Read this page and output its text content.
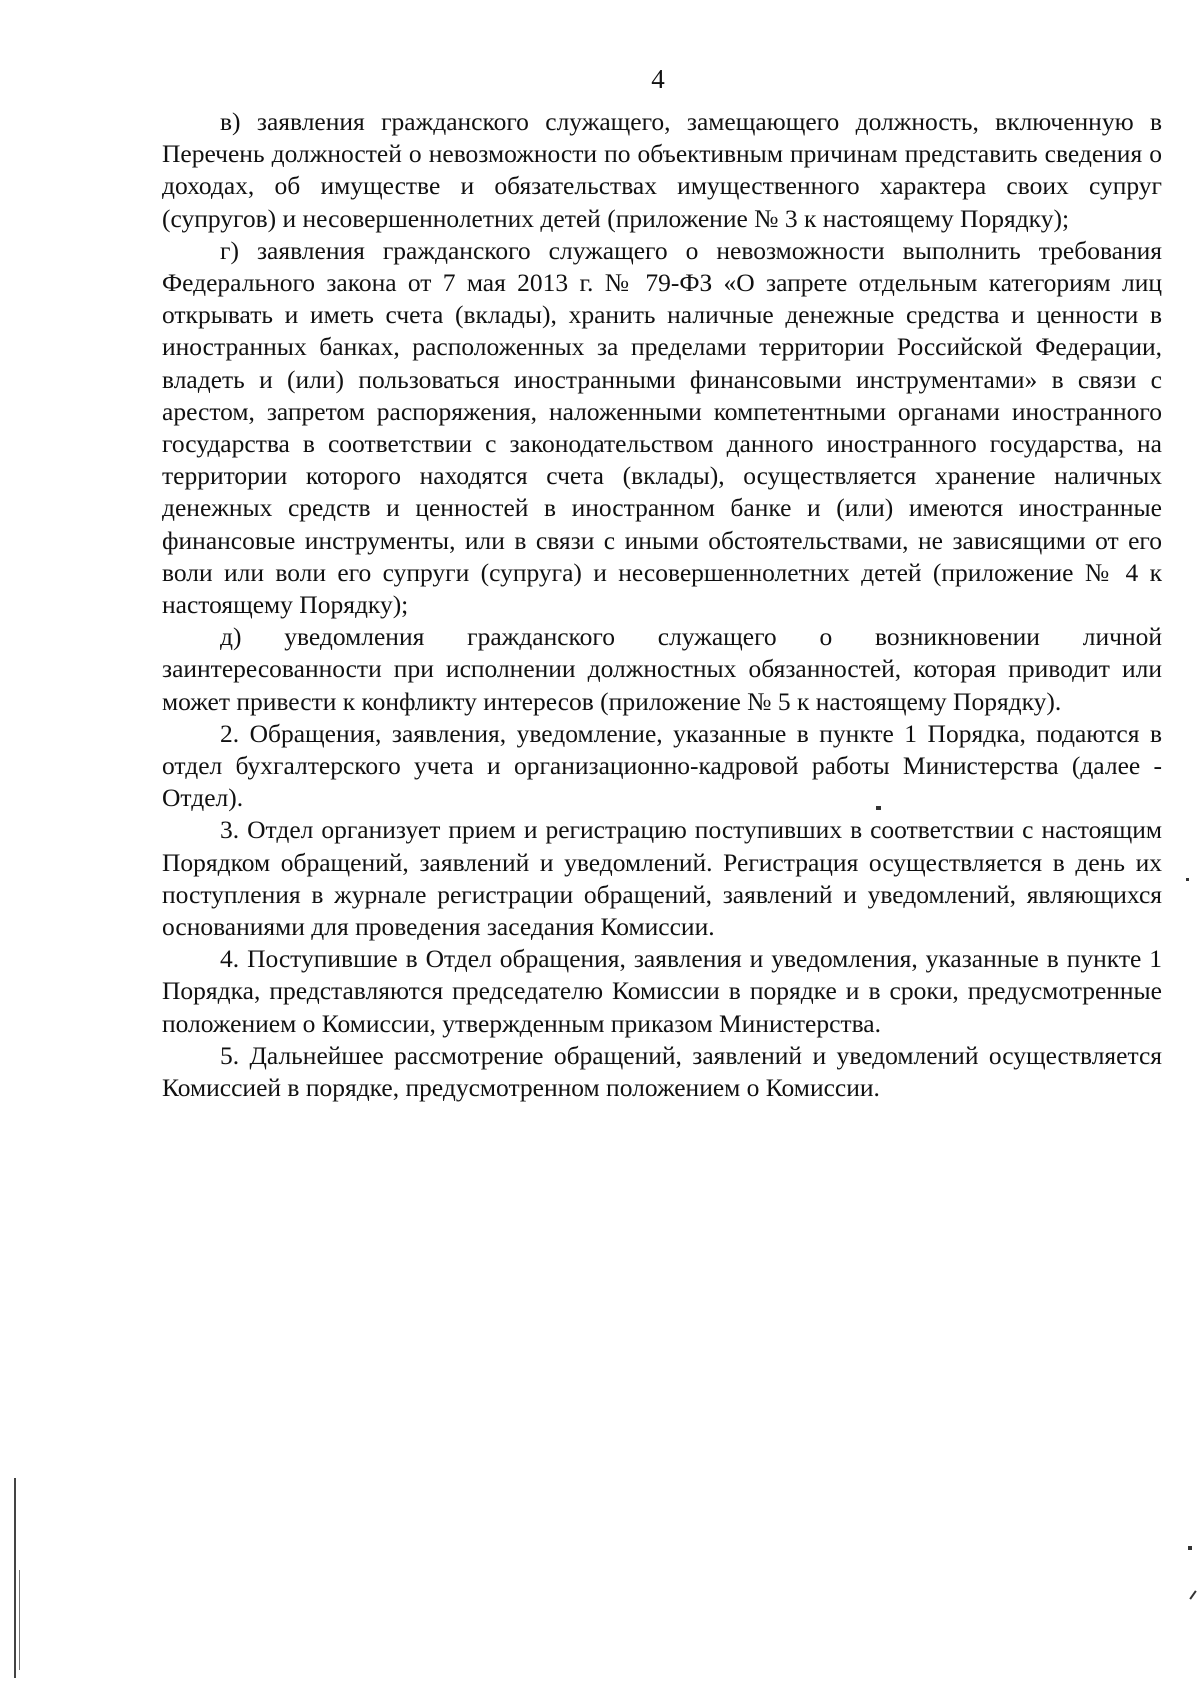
4

в) заявления гражданского служащего, замещающего должность, включенную в Перечень должностей о невозможности по объективным причинам представить сведения о доходах, об имуществе и обязательствах имущественного характера своих супруг (супругов) и несовершеннолетних детей (приложение № 3 к настоящему Порядку);

г) заявления гражданского служащего о невозможности выполнить требования Федерального закона от 7 мая 2013 г. № 79-ФЗ «О запрете отдельным категориям лиц открывать и иметь счета (вклады), хранить наличные денежные средства и ценности в иностранных банках, расположенных за пределами территории Российской Федерации, владеть и (или) пользоваться иностранными финансовыми инструментами» в связи с арестом, запретом распоряжения, наложенными компетентными органами иностранного государства в соответствии с законодательством данного иностранного государства, на территории которого находятся счета (вклады), осуществляется хранение наличных денежных средств и ценностей в иностранном банке и (или) имеются иностранные финансовые инструменты, или в связи с иными обстоятельствами, не зависящими от его воли или воли его супруги (супруга) и несовершеннолетних детей (приложение № 4 к настоящему Порядку);

д) уведомления гражданского служащего о возникновении личной заинтересованности при исполнении должностных обязанностей, которая приводит или может привести к конфликту интересов (приложение № 5 к настоящему Порядку).

2. Обращения, заявления, уведомление, указанные в пункте 1 Порядка, подаются в отдел бухгалтерского учета и организационно-кадровой работы Министерства (далее - Отдел).

3. Отдел организует прием и регистрацию поступивших в соответствии с настоящим Порядком обращений, заявлений и уведомлений. Регистрация осуществляется в день их поступления в журнале регистрации обращений, заявлений и уведомлений, являющихся основаниями для проведения заседания Комиссии.

4. Поступившие в Отдел обращения, заявления и уведомления, указанные в пункте 1 Порядка, представляются председателю Комиссии в порядке и в сроки, предусмотренные положением о Комиссии, утвержденным приказом Министерства.

5. Дальнейшее рассмотрение обращений, заявлений и уведомлений осуществляется Комиссией в порядке, предусмотренном положением о Комиссии.
